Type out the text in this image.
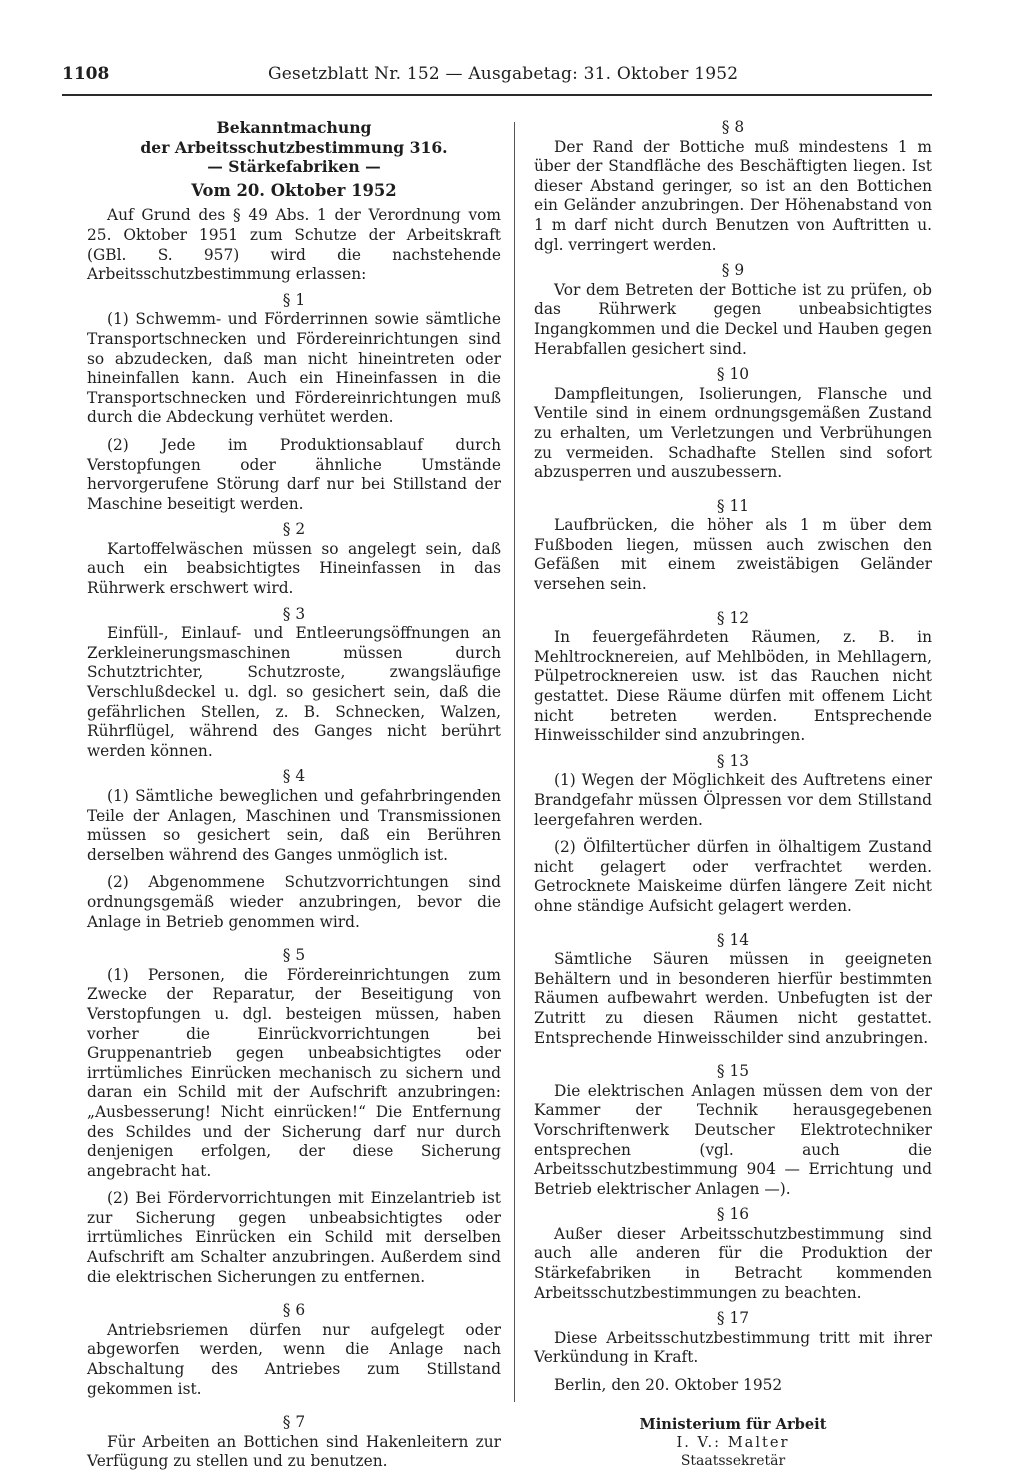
1108	Gesetzblatt Nr. 152 — Ausgabetag: 31. Oktober 1952

Bekanntmachung

der Arbeitsschutzbestimmung 316.

— Stärkefabriken —

Vom 20. Oktober 1952

Auf Grund des § 49 Abs. 1 der Verordnung vom 25. Oktober 1951 zum Schutze der Arbeitskraft (GBl. S. 957) wird die nachstehende Arbeitsschutzbestimmung erlassen:

§ 1

(1) Schwemm- und Förderrinnen sowie sämtliche Transportschnecken und Fördereinrichtungen sind so abzudecken, daß man nicht hineintreten oder hineinfallen kann. Auch ein Hineinfassen in die Transportschnecken und Fördereinrichtungen muß durch die Abdeckung verhütet werden.

(2) Jede im Produktionsablauf durch Verstopfungen oder ähnliche Umstände hervorgerufene Störung darf nur bei Stillstand der Maschine beseitigt werden.

§ 2

Kartoffelwäschen müssen so angelegt sein, daß auch ein beabsichtigtes Hineinfassen in das Rührwerk erschwert wird.

§ 3

Einfüll-, Einlauf- und Entleerungsöffnungen an Zerkleinerungsmaschinen müssen durch Schutztrichter, Schutzroste, zwangsläufige Verschlußdeckel u. dgl. so gesichert sein, daß die gefährlichen Stellen, z. B. Schnecken, Walzen, Rührflügel, während des Ganges nicht berührt werden können.

§ 4

(1) Sämtliche beweglichen und gefahrbringenden Teile der Anlagen, Maschinen und Transmissionen müssen so gesichert sein, daß ein Berühren derselben während des Ganges unmöglich ist.

(2) Abgenommene Schutzvorrichtungen sind ordnungsgemäß wieder anzubringen, bevor die Anlage in Betrieb genommen wird.

§ 5

(1) Personen, die Fördereinrichtungen zum Zwecke der Reparatur, der Beseitigung von Verstopfungen u. dgl. besteigen müssen, haben vorher die Einrückvorrichtungen bei Gruppenantrieb gegen unbeabsichtigtes oder irrtümliches Einrücken mechanisch zu sichern und daran ein Schild mit der Aufschrift anzubringen: „Ausbesserung! Nicht einrücken!“ Die Entfernung des Schildes und der Sicherung darf nur durch denjenigen erfolgen, der diese Sicherung angebracht hat.

(2) Bei Fördervorrichtungen mit Einzelantrieb ist zur Sicherung gegen unbeabsichtigtes oder irrtümliches Einrücken ein Schild mit derselben Aufschrift am Schalter anzubringen. Außerdem sind die elektrischen Sicherungen zu entfernen.

§ 6

Antriebsriemen dürfen nur aufgelegt oder abgeworfen werden, wenn die Anlage nach Abschaltung des Antriebes zum Stillstand gekommen ist.

§ 7

Für Arbeiten an Bottichen sind Hakenleitern zur Verfügung zu stellen und zu benutzen.

§ 8

Der Rand der Bottiche muß mindestens 1 m über der Standfläche des Beschäftigten liegen. Ist dieser Abstand geringer, so ist an den Bottichen ein Geländer anzubringen. Der Höhenabstand von 1 m darf nicht durch Benutzen von Auftritten u. dgl. verringert werden.

§ 9

Vor dem Betreten der Bottiche ist zu prüfen, ob das Rührwerk gegen unbeabsichtigtes Ingangkommen und die Deckel und Hauben gegen Herabfallen gesichert sind.

§ 10

Dampfleitungen, Isolierungen, Flansche und Ventile sind in einem ordnungsgemäßen Zustand zu erhalten, um Verletzungen und Verbrühungen zu vermeiden. Schadhafte Stellen sind sofort abzusperren und auszubessern.

§ 11

Laufbrücken, die höher als 1 m über dem Fußboden liegen, müssen auch zwischen den Gefäßen mit einem zweistäbigen Geländer versehen sein.

§ 12

In feuergefährdeten Räumen, z. B. in Mehltrocknereien, auf Mehlböden, in Mehllagern, Pülpetrocknereien usw. ist das Rauchen nicht gestattet. Diese Räume dürfen mit offenem Licht nicht betreten werden. Entsprechende Hinweisschilder sind anzubringen.

§ 13

(1) Wegen der Möglichkeit des Auftretens einer Brandgefahr müssen Ölpressen vor dem Stillstand leergefahren werden.

(2) Ölfiltertücher dürfen in ölhaltigem Zustand nicht gelagert oder verfrachtet werden. Getrocknete Maiskeime dürfen längere Zeit nicht ohne ständige Aufsicht gelagert werden.

§ 14

Sämtliche Säuren müssen in geeigneten Behältern und in besonderen hierfür bestimmten Räumen aufbewahrt werden. Unbefugten ist der Zutritt zu diesen Räumen nicht gestattet. Entsprechende Hinweisschilder sind anzubringen.

§ 15

Die elektrischen Anlagen müssen dem von der Kammer der Technik herausgegebenen Vorschriftenwerk Deutscher Elektrotechniker entsprechen (vgl. auch die Arbeitsschutzbestimmung 904 — Errichtung und Betrieb elektrischer Anlagen —).

§ 16

Außer dieser Arbeitsschutzbestimmung sind auch alle anderen für die Produktion der Stärkefabriken in Betracht kommenden Arbeitsschutzbestimmungen zu beachten.

§ 17

Diese Arbeitsschutzbestimmung tritt mit ihrer Verkündung in Kraft.

Berlin, den 20. Oktober 1952

Ministerium für Arbeit
I. V.: Malter
Staatssekretär
